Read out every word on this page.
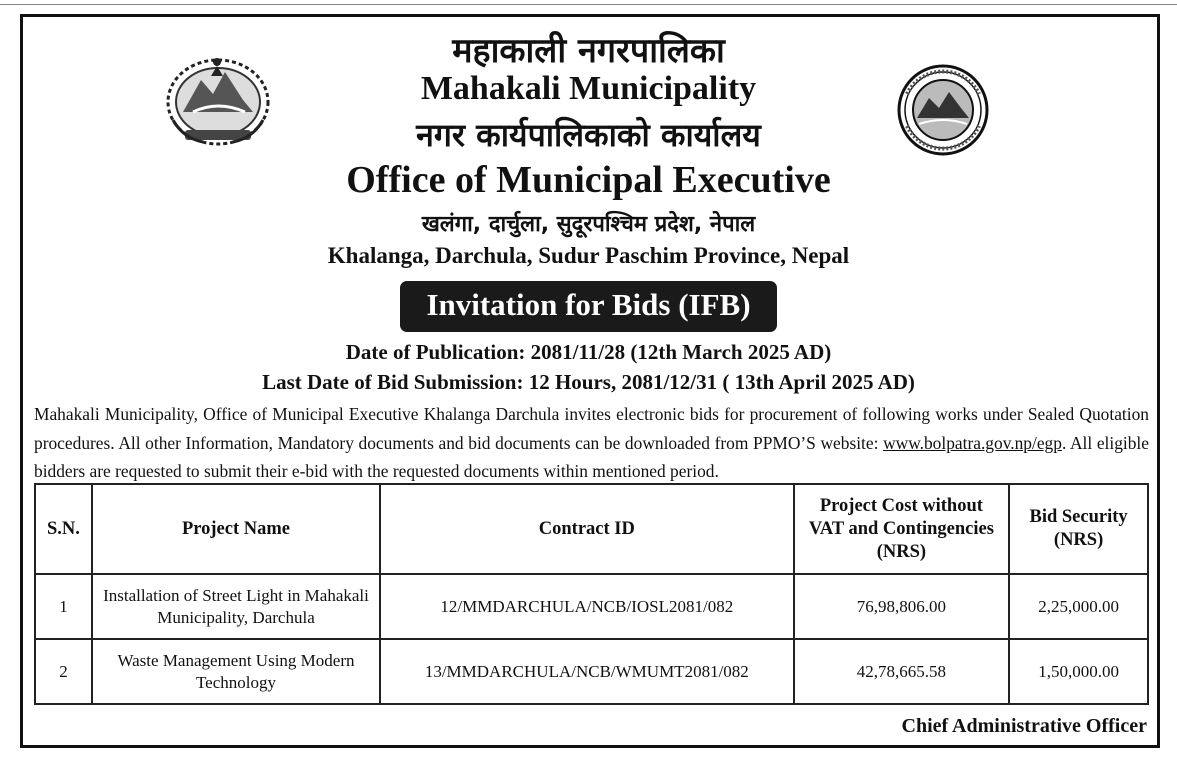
महाकाली नगरपालिका
Mahakali Municipality
नगर कार्यपालिकाको कार्यालय
Office of Municipal Executive
खलंगा, दार्चुला, सुदूरपश्चिम प्रदेश, नेपाल
Khalanga, Darchula, Sudur Paschim Province, Nepal
Invitation for Bids (IFB)
Date of Publication: 2081/11/28 (12th March 2025 AD)
Last Date of Bid Submission: 12 Hours, 2081/12/31 ( 13th April 2025 AD)
Mahakali Municipality, Office of Municipal Executive Khalanga Darchula invites electronic bids for procurement of following works under Sealed Quotation procedures. All other Information, Mandatory documents and bid documents can be downloaded from PPMO’S website: www.bolpatra.gov.np/egp. All eligible bidders are requested to submit their e-bid with the requested documents within mentioned period.
S.N.	Project Name	Contract ID	Project Cost without VAT and Contingencies (NRS)	Bid Security (NRS)
1	Installation of Street Light in Mahakali Municipality, Darchula	12/MMDARCHULA/NCB/IOSL2081/082	76,98,806.00	2,25,000.00
2	Waste Management Using Modern Technology	13/MMDARCHULA/NCB/WMUMT2081/082	42,78,665.58	1,50,000.00
Chief Administrative Officer
